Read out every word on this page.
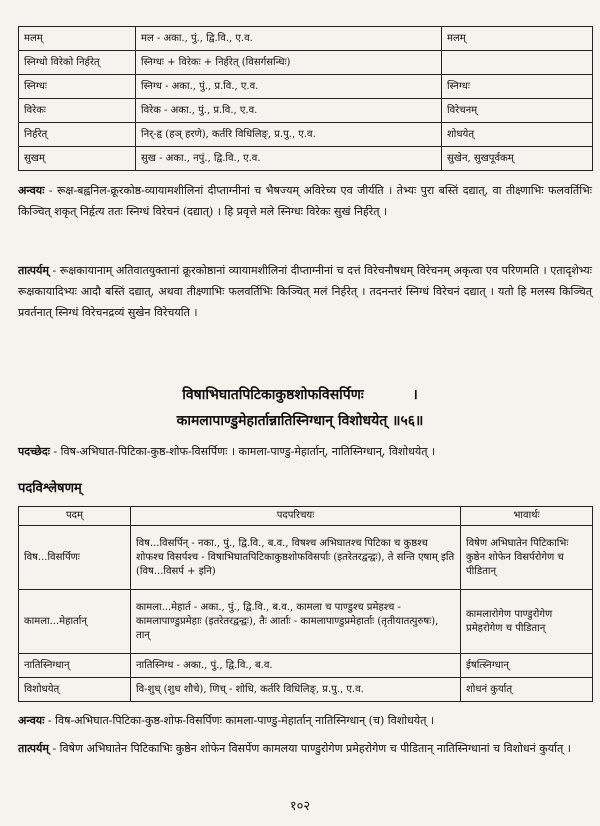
मलम्	मल - अका., पुं., द्वि.वि., ए.व.	मलम्
स्निग्धो विरेको निर्हरेत्	स्निग्धः + विरेकः + निर्हरेत् (विसर्गसन्धिः)	
स्निग्धः	स्निग्ध - अका., पुं., प्र.वि., ए.व.	स्निग्धः
विरेकः	विरेक - अका., पुं., प्र.वि., ए.व.	विरेचनम्
निर्हरेत्	निर्-हृ (हञ् हरणे), कर्तरि विधिलिङ्, प्र.पु., ए.व.	शोधयेत्
सुखम्	सुख - अका., नपुं., द्वि.वि., ए.व.	सुखेन, सुखपूर्वकम्
अन्वयः - रूक्ष-बह्वनिल-क्रूरकोष्ठ-व्यायामशीलिनां दीप्ताग्नीनां च भैषज्यम् अविरेच्य एव जीर्यति । तेभ्यः पुरा बस्तिं दद्यात्, वा तीक्ष्णाभिः फलवर्तिभिः किञ्चित् शकृत् निर्हृत्य ततः स्निग्धं विरेचनं (दद्यात्) । हि प्रवृत्ते मले स्निग्धः विरेकः सुखं निर्हरेत् ।
तात्पर्यम् - रूक्षकायानाम् अतिवातयुक्तानां क्रूरकोष्ठानां व्यायामशीलिनां दीप्ताग्नीनां च दत्तं विरेचनौषधम् विरेचनम् अकृत्वा एव परिणमति । एतादृशेभ्यः रूक्षकायादिभ्यः आदौ बस्तिं दद्यात्, अथवा तीक्ष्णाभिः फलवर्तिभिः किञ्चित् मलं निर्हरेत् । तदनन्तरं स्निग्धं विरेचनं दद्यात् । यतो हि मलस्य किञ्चित् प्रवर्तनात् स्निग्धं विरेचनद्रव्यं सुखेन विरेचयति ।
विषाभिघातपिटिकाकुष्ठशोफविसर्पिणः          ।
कामलापाण्डुमेहार्तान्नातिस्निग्धान् विशोधयेत् ॥५६॥
पदच्छेदः - विष-अभिघात-पिटिका-कुष्ठ-शोफ-विसर्पिणः । कामला-पाण्डु-मेहार्तान्, नातिस्निग्धान्, विशोधयेत् ।
पदविश्लेषणम्
पदम्	पदपरिचयः	भावार्थः
विष...विसर्पिणः	विष...विसर्पिन् - नका., पुं., द्वि.वि., ब.व., विषश्च अभिघातश्च पिटिका च कुष्ठश्च शोफश्च विसर्पश्च - विषाभिघातपिटिकाकुष्ठशोफविसर्पाः (इतरेतरद्वन्द्वः), ते सन्ति एषाम् इति (विष...विसर्प + इनि)	विषेण अभिघातेन पिटिकाभिः कुष्ठेन शोफेन विसर्परोगेण च पीडितान्
कामला...मेहार्तान्	कामला...मेहार्त - अका., पुं., द्वि.वि., ब.व., कामला च पाण्डुश्च प्रमेहश्च - कामलापाण्डुप्रमेहाः (इतरेतरद्वन्द्वः), तैः आर्ताः - कामलापाण्डुप्रमेहार्ताः (तृतीयातत्पुरुषः), तान्	कामलारोगेण पाण्डुरोगेण प्रमेहरोगेण च पीडितान्
नातिस्निग्धान्	नातिस्निग्ध - अका., पुं., द्वि.वि., ब.व.	ईषत्स्निग्धान्
विशोधयेत्	वि-शुध् (शुध शौचे), णिच् - शोधि, कर्तरि विधिलिङ्, प्र.पु., ए.व.	शोधनं कुर्यात्
अन्वयः - विष-अभिघात-पिटिका-कुष्ठ-शोफ-विसर्पिणः कामला-पाण्डु-मेहार्तान् नातिस्निग्धान् (च) विशोधयेत् ।
तात्पर्यम् - विषेण अभिघातेन पिटिकाभिः कुष्ठेन शोफेन विसर्पेण कामलया पाण्डुरोगेण प्रमेहरोगेण च पीडितान् नातिस्निग्धानां च विशोधनं कुर्यात् ।
१०२
